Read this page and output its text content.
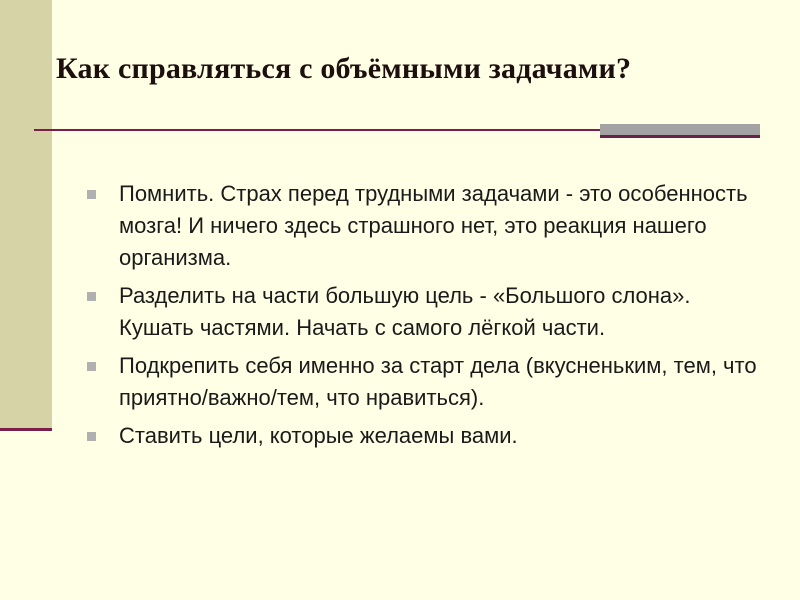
Как справляться с объёмными задачами?
Помнить. Страх перед трудными задачами - это особенность мозга! И ничего здесь страшного нет, это реакция нашего организма.
Разделить на части большую цель - «Большого слона». Кушать частями. Начать с самого лёгкой части.
Подкрепить себя именно за старт дела (вкусненьким, тем, что приятно/важно/тем, что нравиться).
Ставить цели, которые желаемы вами.
